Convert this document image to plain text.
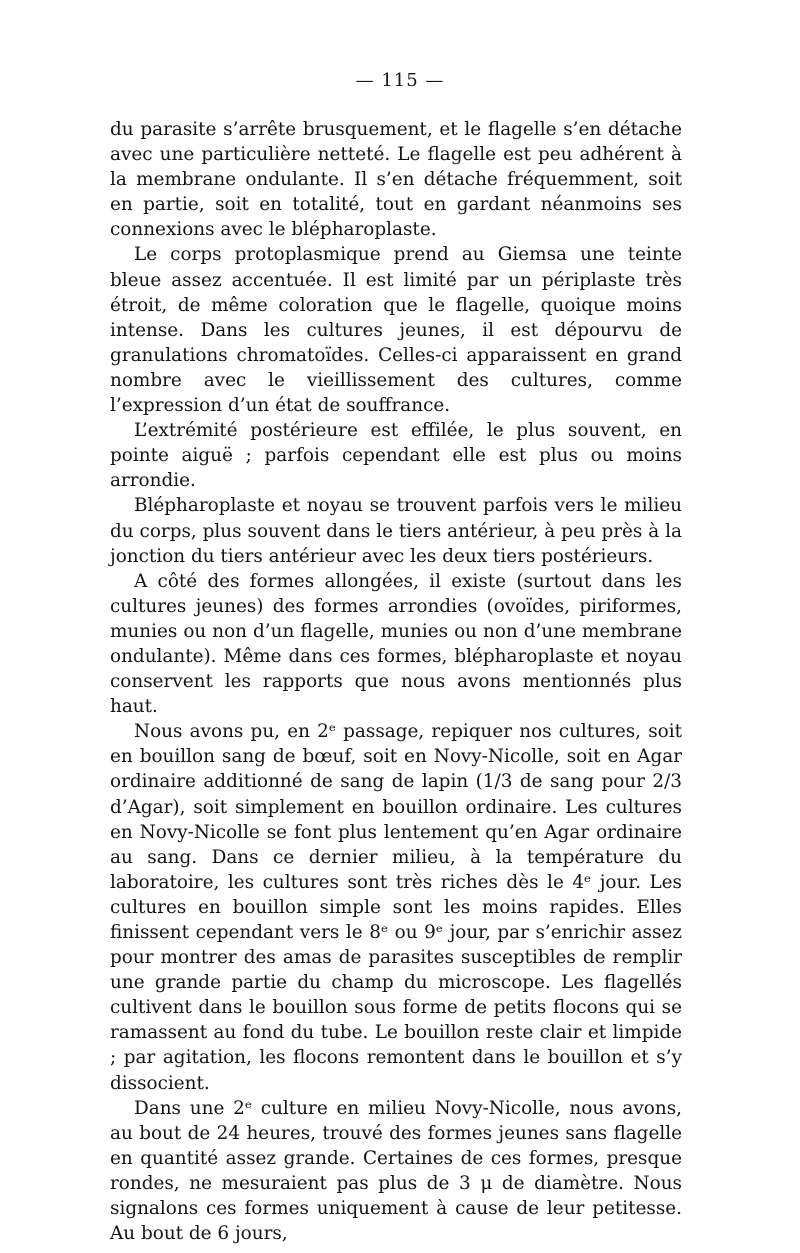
— 115 —

du parasite s’arrête brusquement, et le flagelle s’en détache avec une particulière netteté. Le flagelle est peu adhérent à la membrane ondulante. Il s’en détache fréquemment, soit en partie, soit en totalité, tout en gardant néanmoins ses connexions avec le blépharoplaste.

Le corps protoplasmique prend au Giemsa une teinte bleue assez accentuée. Il est limité par un périplaste très étroit, de même coloration que le flagelle, quoique moins intense. Dans les cultures jeunes, il est dépourvu de granulations chromatoïdes. Celles-ci apparaissent en grand nombre avec le vieillissement des cultures, comme l’expression d’un état de souffrance.

L’extrémité postérieure est effilée, le plus souvent, en pointe aiguë ; parfois cependant elle est plus ou moins arrondie.

Blépharoplaste et noyau se trouvent parfois vers le milieu du corps, plus souvent dans le tiers antérieur, à peu près à la jonction du tiers antérieur avec les deux tiers postérieurs.

A côté des formes allongées, il existe (surtout dans les cultures jeunes) des formes arrondies (ovoïdes, piriformes, munies ou non d’un flagelle, munies ou non d’une membrane ondulante). Même dans ces formes, blépharoplaste et noyau conservent les rapports que nous avons mentionnés plus haut.

Nous avons pu, en 2ᵉ passage, repiquer nos cultures, soit en bouillon sang de bœuf, soit en Novy-Nicolle, soit en Agar ordinaire additionné de sang de lapin (1/3 de sang pour 2/3 d’Agar), soit simplement en bouillon ordinaire. Les cultures en Novy-Nicolle se font plus lentement qu’en Agar ordinaire au sang. Dans ce dernier milieu, à la température du laboratoire, les cultures sont très riches dès le 4ᵉ jour. Les cultures en bouillon simple sont les moins rapides. Elles finissent cependant vers le 8ᵉ ou 9ᵉ jour, par s’enrichir assez pour montrer des amas de parasites susceptibles de remplir une grande partie du champ du microscope. Les flagellés cultivent dans le bouillon sous forme de petits flocons qui se ramassent au fond du tube. Le bouillon reste clair et limpide ; par agitation, les flocons remontent dans le bouillon et s’y dissocient.

Dans une 2ᵉ culture en milieu Novy-Nicolle, nous avons, au bout de 24 heures, trouvé des formes jeunes sans flagelle en quantité assez grande. Certaines de ces formes, presque rondes, ne mesuraient pas plus de 3 μ de diamètre. Nous signalons ces formes uniquement à cause de leur petitesse. Au bout de 6 jours,
